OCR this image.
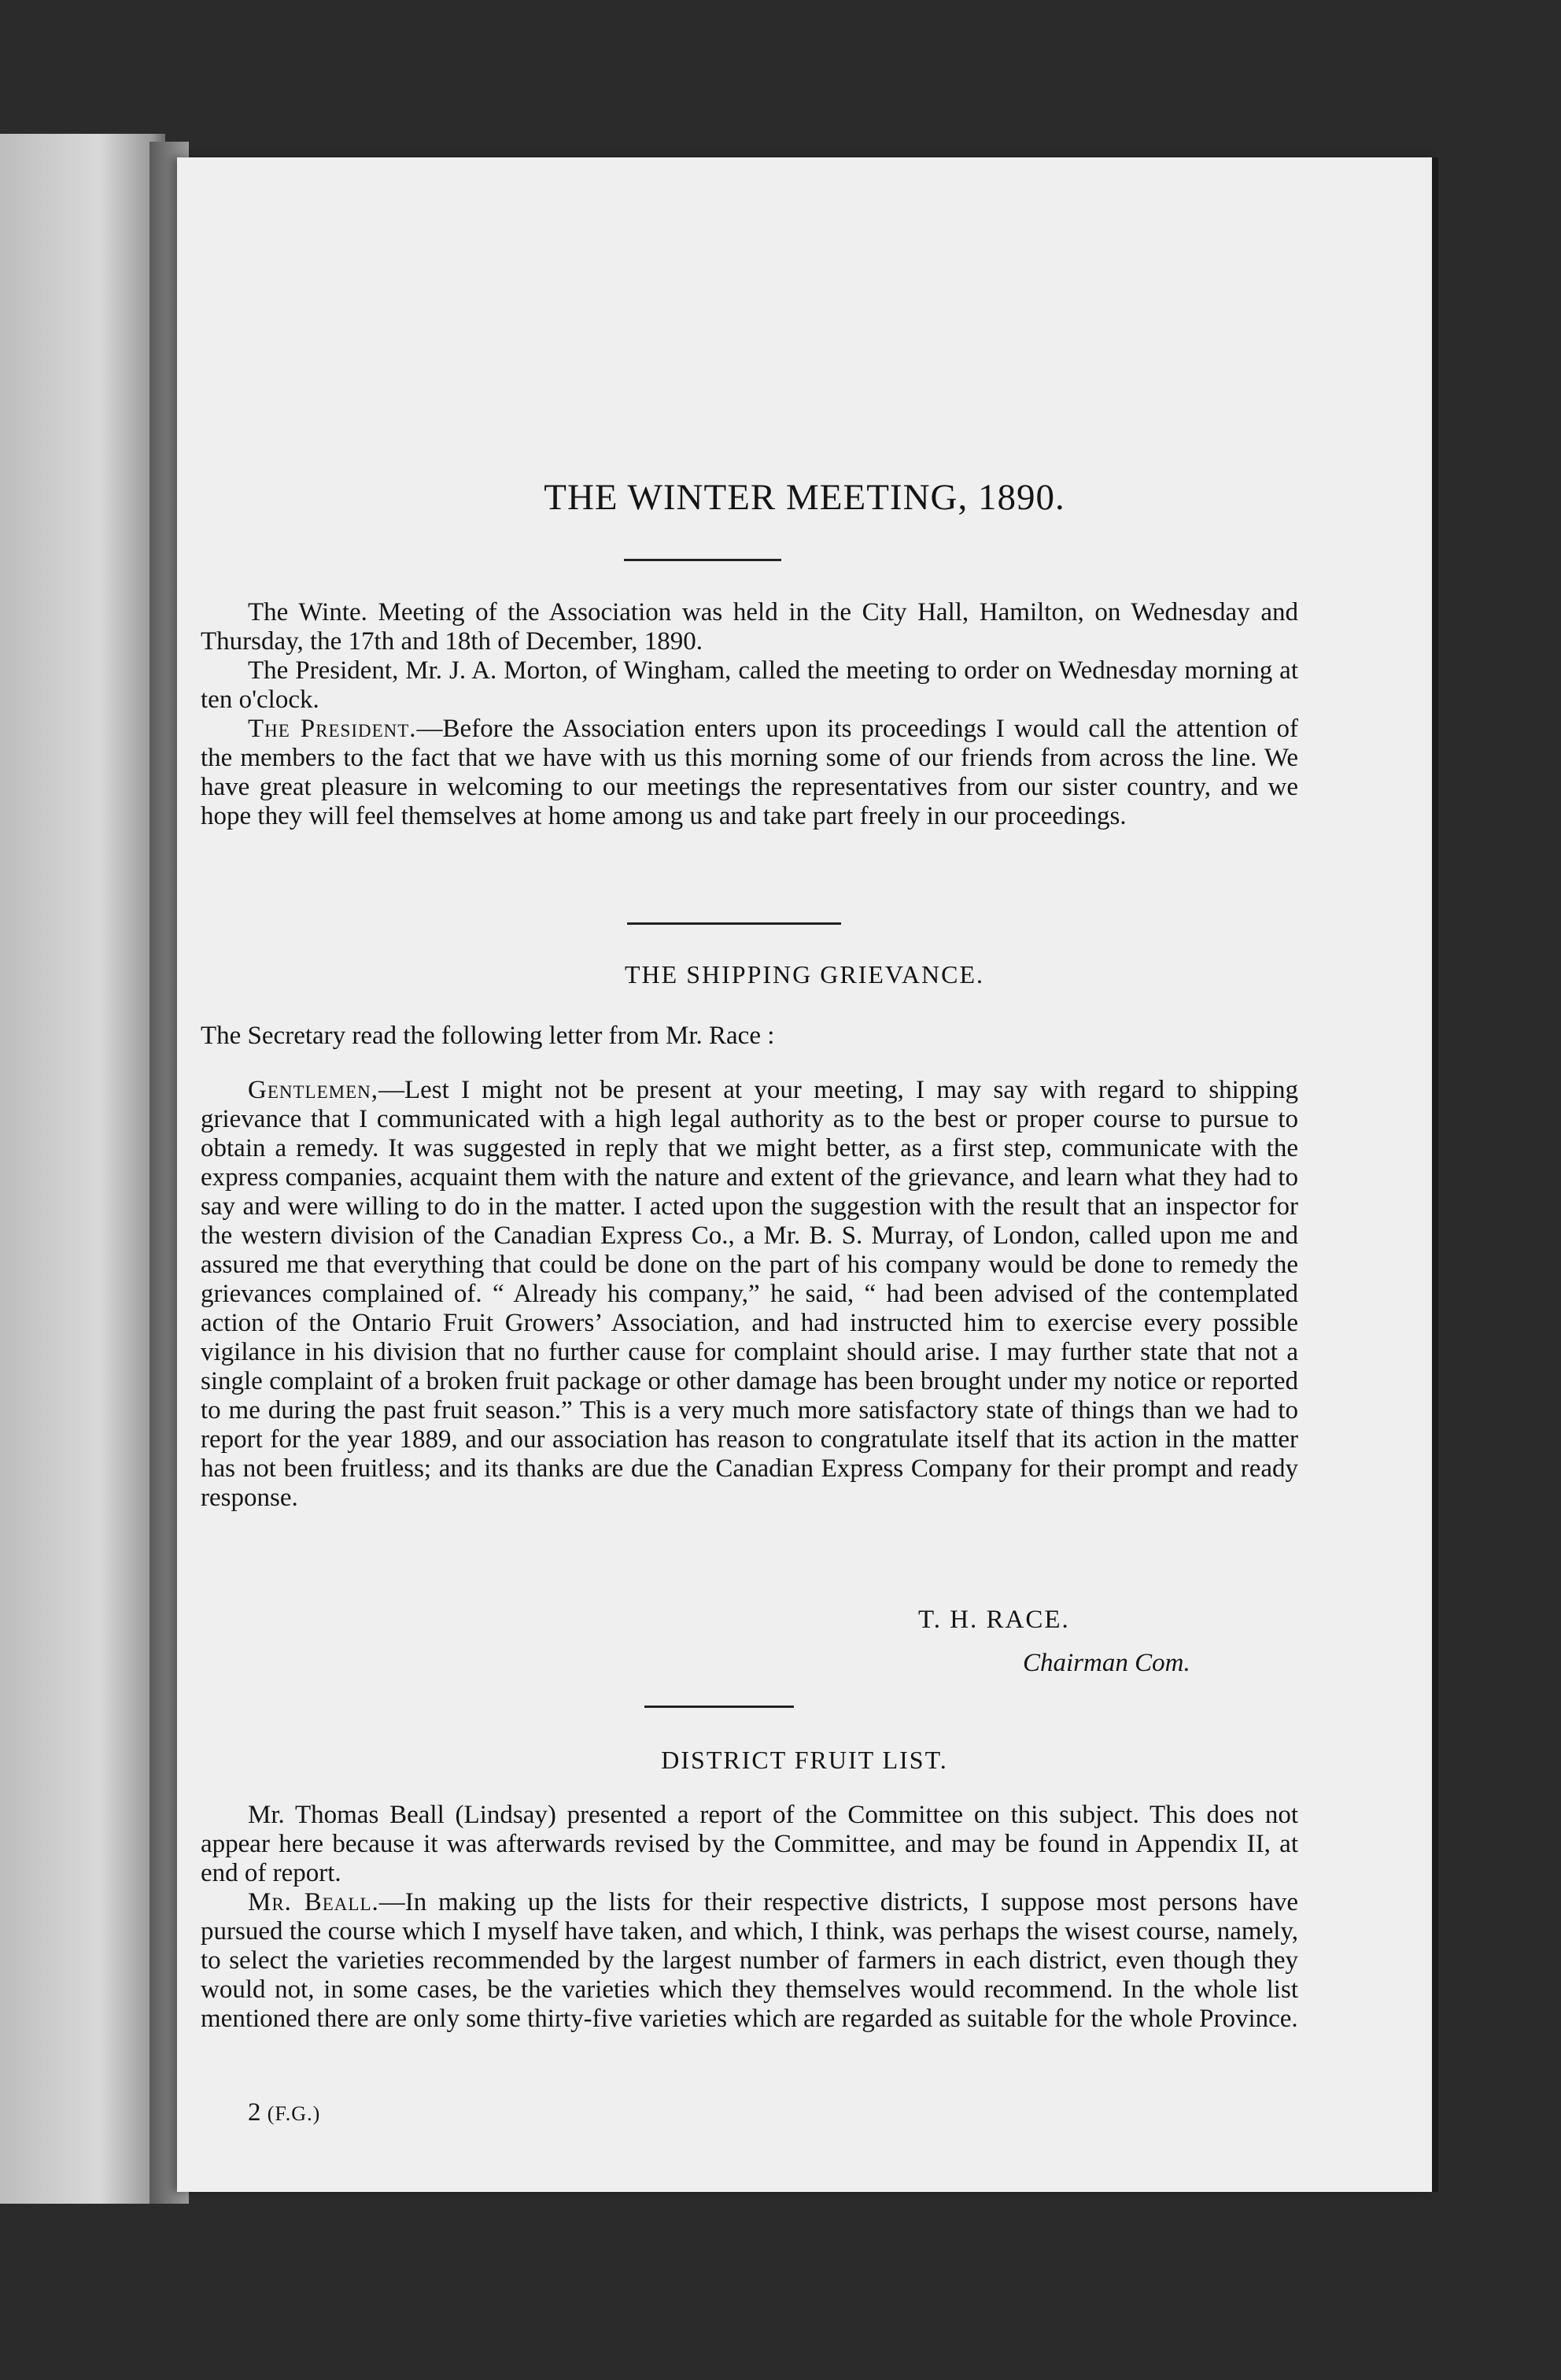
THE WINTER MEETING, 1890.

The Winte. Meeting of the Association was held in the City Hall, Hamilton, on Wednesday and Thursday, the 17th and 18th of December, 1890.

The President, Mr. J. A. Morton, of Wingham, called the meeting to order on Wednesday morning at ten o'clock.

The President.—Before the Association enters upon its proceedings I would call the attention of the members to the fact that we have with us this morning some of our friends from across the line. We have great pleasure in welcoming to our meetings the representatives from our sister country, and we hope they will feel themselves at home among us and take part freely in our proceedings.

THE SHIPPING GRIEVANCE.

The Secretary read the following letter from Mr. Race :

Gentlemen,—Lest I might not be present at your meeting, I may say with regard to shipping grievance that I communicated with a high legal authority as to the best or proper course to pursue to obtain a remedy. It was suggested in reply that we might better, as a first step, communicate with the express companies, acquaint them with the nature and extent of the grievance, and learn what they had to say and were willing to do in the matter. I acted upon the suggestion with the result that an inspector for the western division of the Canadian Express Co., a Mr. B. S. Murray, of London, called upon me and assured me that everything that could be done on the part of his company would be done to remedy the grievances complained of. “ Already his company,” he said, “ had been advised of the contemplated action of the Ontario Fruit Growers’ Association, and had instructed him to exercise every possible vigilance in his division that no further cause for complaint should arise. I may further state that not a single complaint of a broken fruit package or other damage has been brought under my notice or reported to me during the past fruit season.” This is a very much more satisfactory state of things than we had to report for the year 1889, and our association has reason to congratulate itself that its action in the matter has not been fruitless; and its thanks are due the Canadian Express Company for their prompt and ready response.

T. H. RACE.
Chairman Com.
DISTRICT FRUIT LIST.

Mr. Thomas Beall (Lindsay) presented a report of the Committee on this subject. This does not appear here because it was afterwards revised by the Committee, and may be found in Appendix II, at end of report.

Mr. Beall.—In making up the lists for their respective districts, I suppose most persons have pursued the course which I myself have taken, and which, I think, was perhaps the wisest course, namely, to select the varieties recommended by the largest number of farmers in each district, even though they would not, in some cases, be the varieties which they themselves would recommend. In the whole list mentioned there are only some thirty-five varieties which are regarded as suitable for the whole Province.

2 (F.G.)
